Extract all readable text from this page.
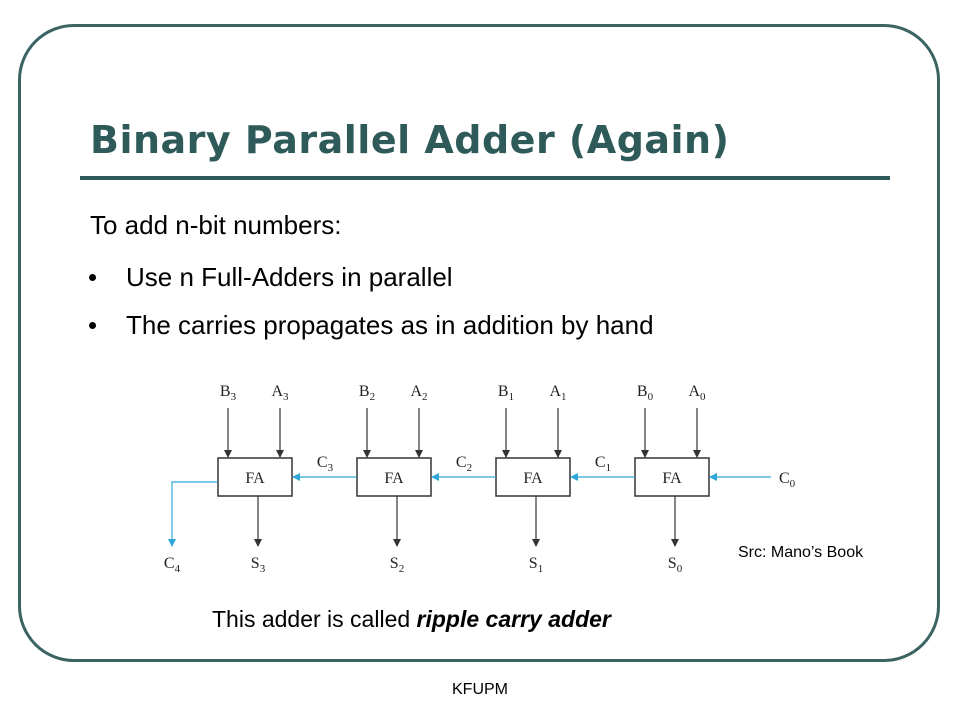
Binary Parallel Adder (Again)
To add n-bit numbers:
• Use n Full-Adders in parallel
• The carries propagates as in addition by hand
FA
$B_3$ $A_3$
$S_3$
FA
$B_2$ $A_2$
$S_2$
FA
$B_1$ $A_1$
$S_1$
FA
$B_0$ $A_0$
$S_0$
$C_3$	$C_2$	$C_1$
$C_0$
$C_4$
Src: Mano’s Book
This adder is called ripple carry adder
KFUPM
